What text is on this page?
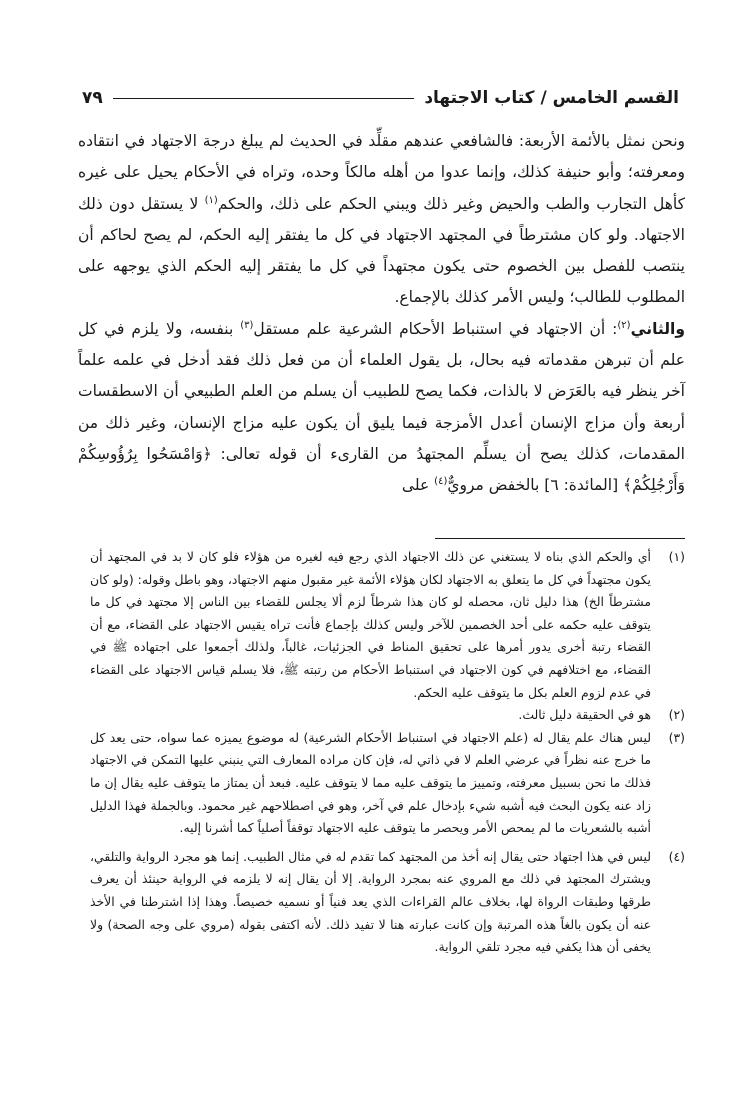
القسم الخامس / كتاب الاجتهاد
٧٩

ونحن نمثل بالأئمة الأربعة: فالشافعي عندهم مقلِّد في الحديث لم يبلغ درجة الاجتهاد في انتقاده ومعرفته؛ وأبو حنيفة كذلك، وإنما عدوا من أهله مالكاً وحده، وتراه في الأحكام يحيل على غيره كأهل التجارب والطب والحيض وغير ذلك ويبني الحكم على ذلك، والحكم$^{(١)}$ لا يستقل دون ذلك الاجتهاد. ولو كان مشترطاً في المجتهد الاجتهاد في كل ما يفتقر إليه الحكم، لم يصح لحاكم أن ينتصب للفصل بين الخصوم حتى يكون مجتهداً في كل ما يفتقر إليه الحكم الذي يوجهه على المطلوب للطالب؛ وليس الأمر كذلك بالإجماع.

والثاني$^{(٢)}$: أن الاجتهاد في استنباط الأحكام الشرعية علم مستقل$^{(٣)}$ بنفسه، ولا يلزم في كل علم أن تبرهن مقدماته فيه بحال، بل يقول العلماء أن من فعل ذلك فقد أدخل في علمه علماً آخر ينظر فيه بالعَرَض لا بالذات، فكما يصح للطبيب أن يسلم من العلم الطبيعي أن الاسطقسات أربعة وأن مزاج الإنسان أعدل الأمزجة فيما يليق أن يكون عليه مزاج الإنسان، وغير ذلك من المقدمات، كذلك يصح أن يسلِّم المجتهدُ من القارىء أن قوله تعالى: ﴿وَامْسَحُوا بِرُؤُوسِكُمْ وَأَرْجُلِكُمْ﴾ [المائدة: ٦] بالخفض مرويٌّ$^{(٤)}$ على

(١)
أي والحكم الذي بناه لا يستغني عن ذلك الاجتهاد الذي رجع فيه لغيره من هؤلاء فلو كان لا بد في المجتهد أن يكون مجتهداً في كل ما يتعلق به الاجتهاد لكان هؤلاء الأئمة غير مقبول منهم الاجتهاد، وهو باطل وقوله: (ولو كان مشترطاً الخ) هذا دليل ثان، محصله لو كان هذا شرطاً لزم ألا يجلس للقضاء بين الناس إلا مجتهد في كل ما يتوقف عليه حكمه على أحد الخصمين للآخر وليس كذلك بإجماع فأنت تراه يقيس الاجتهاد على القضاء، مع أن القضاء رتبة أخرى يدور أمرها على تحقيق المناط في الجزئيات، غالباً، ولذلك أجمعوا على اجتهاده ﷺ في القضاء، مع اختلافهم في كون الاجتهاد في استنباط الأحكام من رتبته ﷺ، فلا يسلم قياس الاجتهاد على القضاء في عدم لزوم العلم بكل ما يتوقف عليه الحكم.
(٢)
هو في الحقيقة دليل ثالث.
(٣)
ليس هناك علم يقال له (علم الاجتهاد في استنباط الأحكام الشرعية) له موضوع يميزه عما سواه، حتى يعد كل ما خرج عنه نظراً في عرضي العلم لا في ذاتي له، فإن كان مراده المعارف التي ينبني عليها التمكن في الاجتهاد فذلك ما نحن بسبيل معرفته، وتمييز ما يتوقف عليه مما لا يتوقف عليه. فبعد أن يمتاز ما يتوقف عليه يقال إن ما زاد عنه يكون البحث فيه أشبه شيء بإدخال علم في آخر، وهو في اصطلاحهم غير محمود. وبالجملة فهذا الدليل أشبه بالشعريات ما لم يمحص الأمر ويحصر ما يتوقف عليه الاجتهاد توقفاً أصلياً كما أشرنا إليه.
(٤)
ليس في هذا اجتهاد حتى يقال إنه أخذ من المجتهد كما تقدم له في مثال الطبيب. إنما هو مجرد الرواية والتلقي، ويشترك المجتهد في ذلك مع المروي عنه بمجرد الرواية. إلا أن يقال إنه لا يلزمه في الرواية حينئذ أن يعرف طرقها وطبقات الرواة لها، بخلاف عالم القراءات الذي يعد فنياً أو نسميه خصيصاً. وهذا إذا اشترطنا في الأخذ عنه أن يكون بالغاً هذه المرتبة وإن كانت عبارته هنا لا تفيد ذلك. لأنه اكتفى بقوله (مروي على وجه الصحة) ولا يخفى أن هذا يكفي فيه مجرد تلقي الرواية.
